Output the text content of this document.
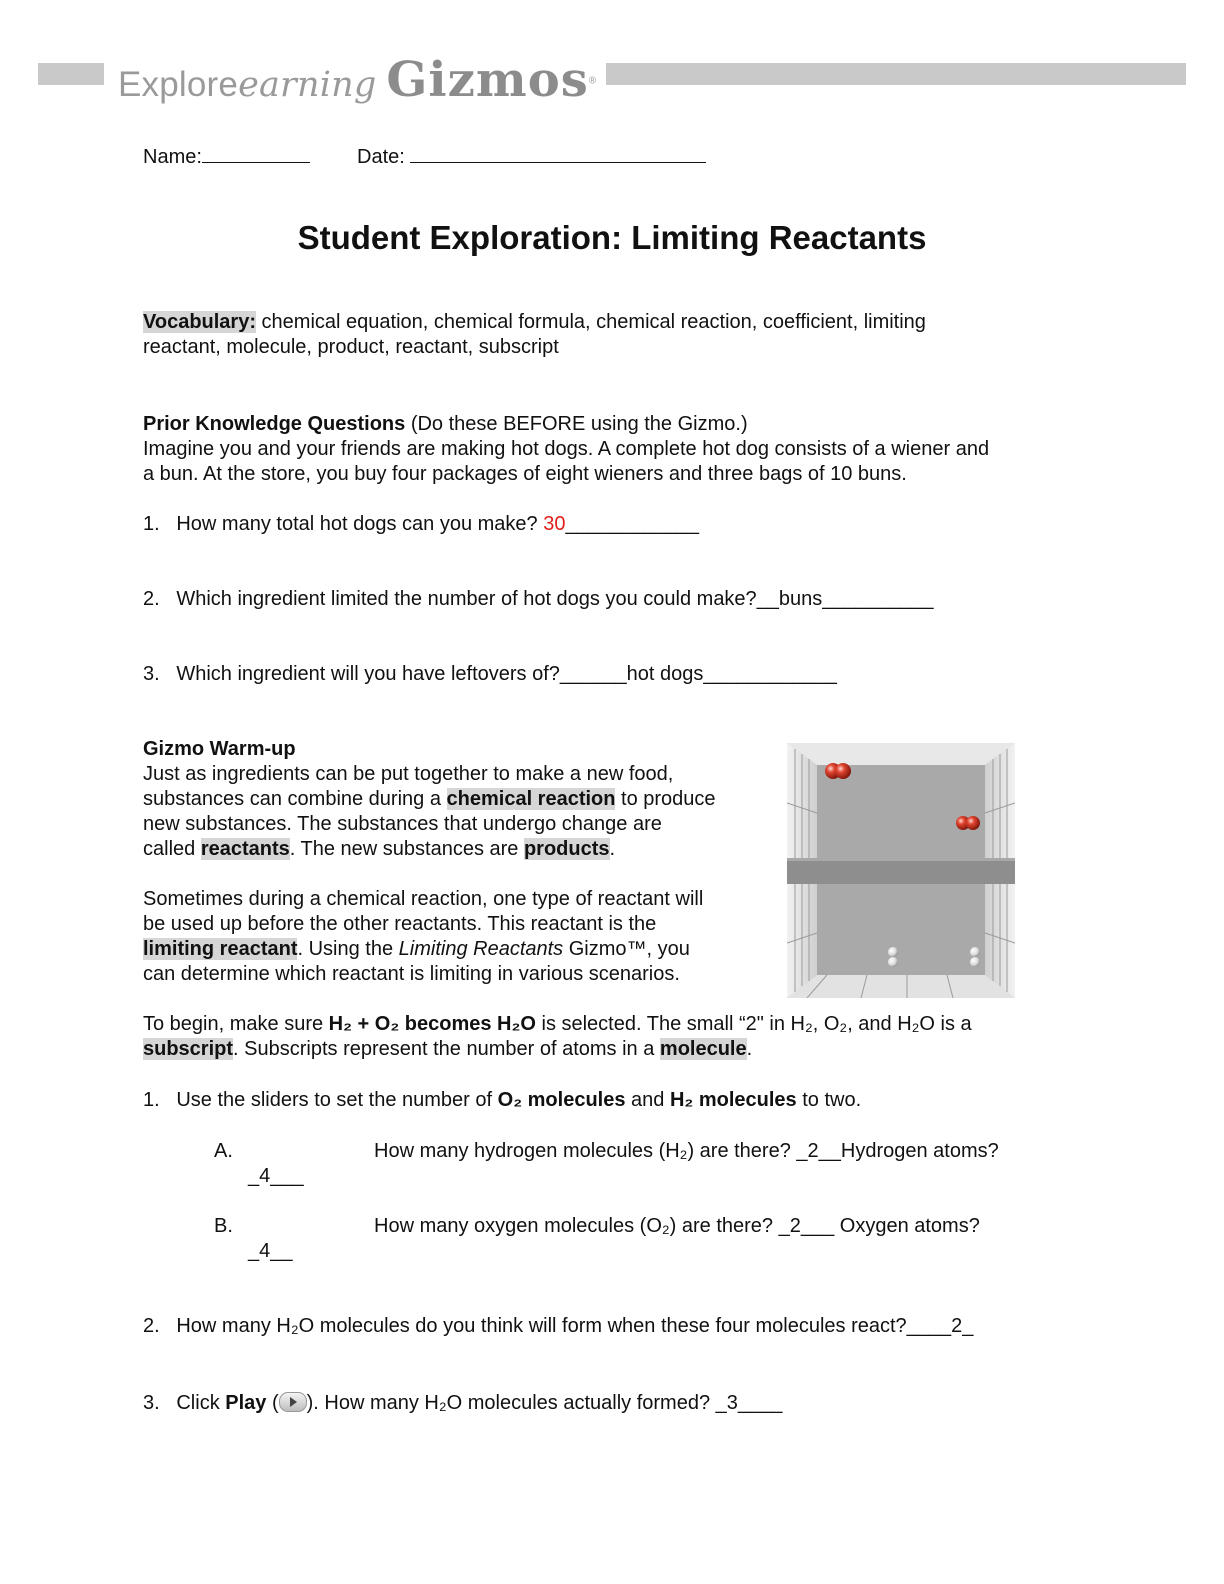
Exploreearning Gizmos®
Name:	Date:
Student Exploration: Limiting Reactants
Vocabulary: chemical equation, chemical formula, chemical reaction, coefficient, limiting
reactant, molecule, product, reactant, subscript
Prior Knowledge Questions (Do these BEFORE using the Gizmo.)
Imagine you and your friends are making hot dogs. A complete hot dog consists of a wiener and
a bun. At the store, you buy four packages of eight wieners and three bags of 10 buns.
1. How many total hot dogs can you make? 30____________
2. Which ingredient limited the number of hot dogs you could make?__buns__________
3. Which ingredient will you have leftovers of?______hot dogs____________
Gizmo Warm-up
Just as ingredients can be put together to make a new food,
substances can combine during a chemical reaction to produce
new substances. The substances that undergo change are
called reactants. The new substances are products.
Sometimes during a chemical reaction, one type of reactant will
be used up before the other reactants. This reactant is the
limiting reactant. Using the Limiting Reactants Gizmo™, you
can determine which reactant is limiting in various scenarios.
To begin, make sure H₂ + O₂ becomes H₂O is selected. The small “2" in H₂, O₂, and H₂O is a
subscript. Subscripts represent the number of atoms in a molecule.
1. Use the sliders to set the number of O₂ molecules and H₂ molecules to two.
A.	How many hydrogen molecules (H₂) are there? _2__Hydrogen atoms?
_4___
B.	How many oxygen molecules (O₂) are there? _2___ Oxygen atoms?
_4__
2. How many H₂O molecules do you think will form when these four molecules react?____2_
3. Click Play ( ). How many H₂O molecules actually formed? _3____
